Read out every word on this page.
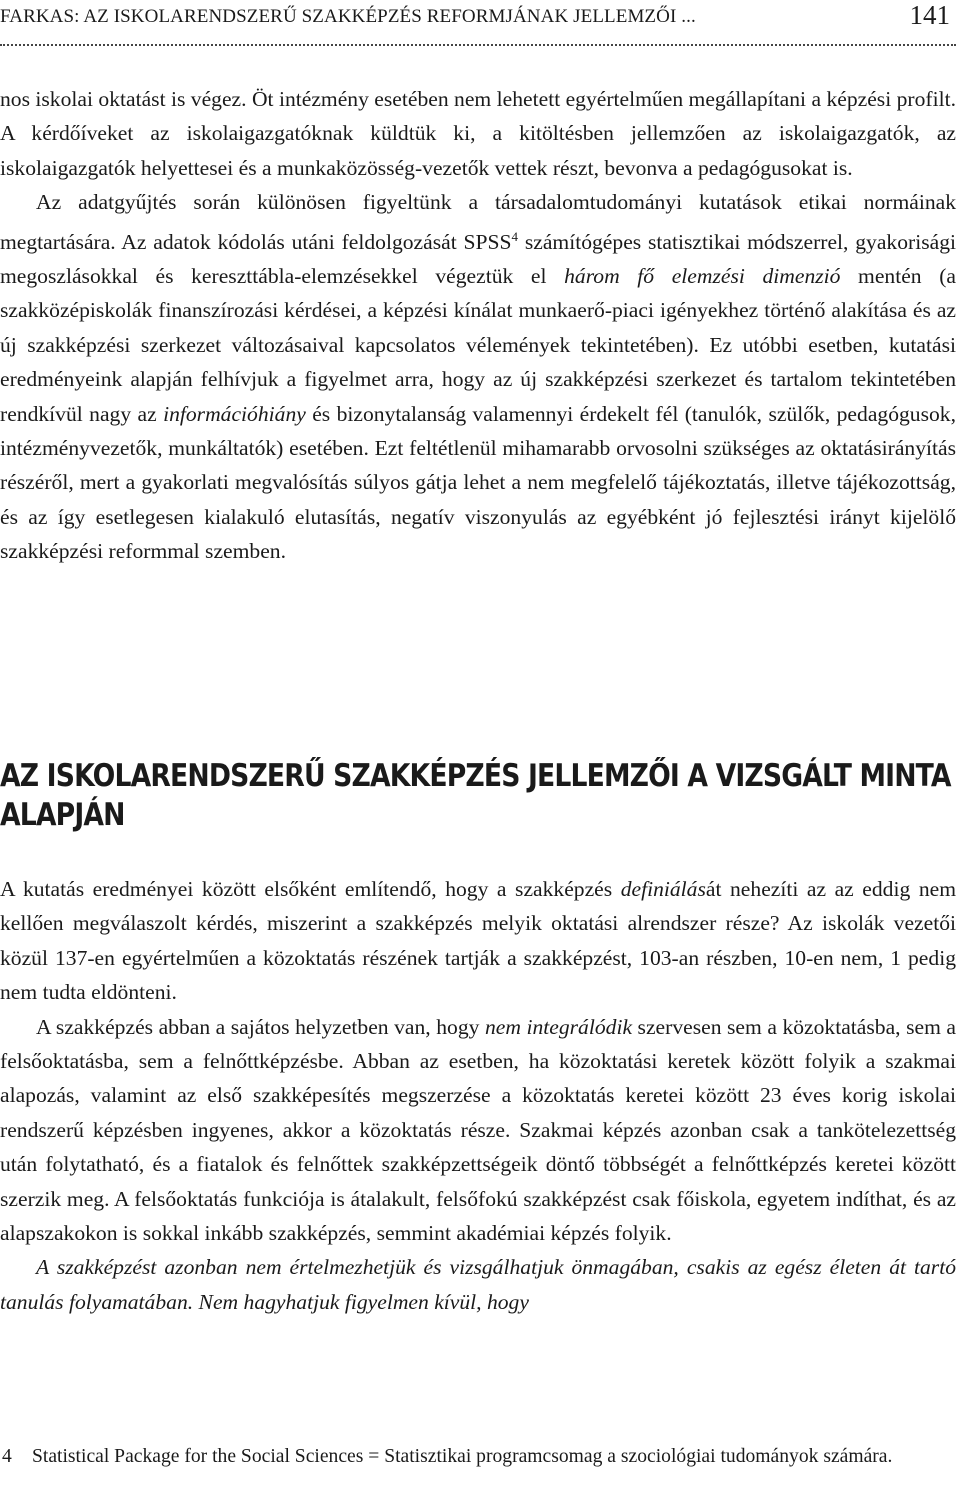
FARKAS: AZ ISKOLARENDSZERŰ SZAKKÉPZÉS REFORMJÁNAK JELLEMZŐI ...	141

nos iskolai oktatást is végez. Öt intézmény esetében nem lehetett egyértelműen megállapítani a képzési profilt. A kérdőíveket az iskolaigazgatóknak küldtük ki, a kitöltésben jellemzően az iskolaigazgatók, az iskolaigazgatók helyettesei és a munkaközösség-vezetők vettek részt, bevonva a pedagógusokat is.

Az adatgyűjtés során különösen figyeltünk a társadalomtudományi kutatások etikai normáinak megtartására. Az adatok kódolás utáni feldolgozását SPSS$^4$ számítógépes statisztikai módszerrel, gyakorisági megoszlásokkal és kereszttábla-elemzésekkel végeztük el három fő elemzési dimenzió mentén (a szakközépiskolák finanszírozási kérdései, a képzési kínálat munkaerő-piaci igényekhez történő alakítása és az új szakképzési szerkezet változásaival kapcsolatos vélemények tekintetében). Ez utóbbi esetben, kutatási eredményeink alapján felhívjuk a figyelmet arra, hogy az új szakképzési szerkezet és tartalom tekintetében rendkívül nagy az információhiány és bizonytalanság valamennyi érdekelt fél (tanulók, szülők, pedagógusok, intézményvezetők, munkáltatók) esetében. Ezt feltétlenül mihamarabb orvosolni szükséges az oktatásirányítás részéről, mert a gyakorlati megvalósítás súlyos gátja lehet a nem megfelelő tájékoztatás, illetve tájékozottság, és az így esetlegesen kialakuló elutasítás, negatív viszonyulás az egyébként jó fejlesztési irányt kijelölő szakképzési reformmal szemben.

AZ ISKOLARENDSZERŰ SZAKKÉPZÉS JELLEMZŐI A VIZSGÁLT MINTA
ALAPJÁN

A kutatás eredményei között elsőként említendő, hogy a szakképzés definiálását nehezíti az az eddig nem kellően megválaszolt kérdés, miszerint a szakképzés melyik oktatási alrendszer része? Az iskolák vezetői közül 137-en egyértelműen a közoktatás részének tartják a szakképzést, 103-an részben, 10-en nem, 1 pedig nem tudta eldönteni.

A szakképzés abban a sajátos helyzetben van, hogy nem integrálódik szervesen sem a közoktatásba, sem a felsőoktatásba, sem a felnőttképzésbe. Abban az esetben, ha közoktatási keretek között folyik a szakmai alapozás, valamint az első szakképesítés megszerzése a közoktatás keretei között 23 éves korig iskolai rendszerű képzésben ingyenes, akkor a közoktatás része. Szakmai képzés azonban csak a tankötelezettség után folytatható, és a fiatalok és felnőttek szakképzettségeik döntő többségét a felnőttképzés keretei között szerzik meg. A felsőoktatás funkciója is átalakult, felsőfokú szakképzést csak főiskola, egyetem indíthat, és az alapszakokon is sokkal inkább szakképzés, semmint akadémiai képzés folyik.

A szakképzést azonban nem értelmezhetjük és vizsgálhatjuk önmagában, csakis az egész életen át tartó tanulás folyamatában. Nem hagyhatjuk figyelmen kívül, hogy

4 Statistical Package for the Social Sciences = Statisztikai programcsomag a szociológiai tudományok számára.
